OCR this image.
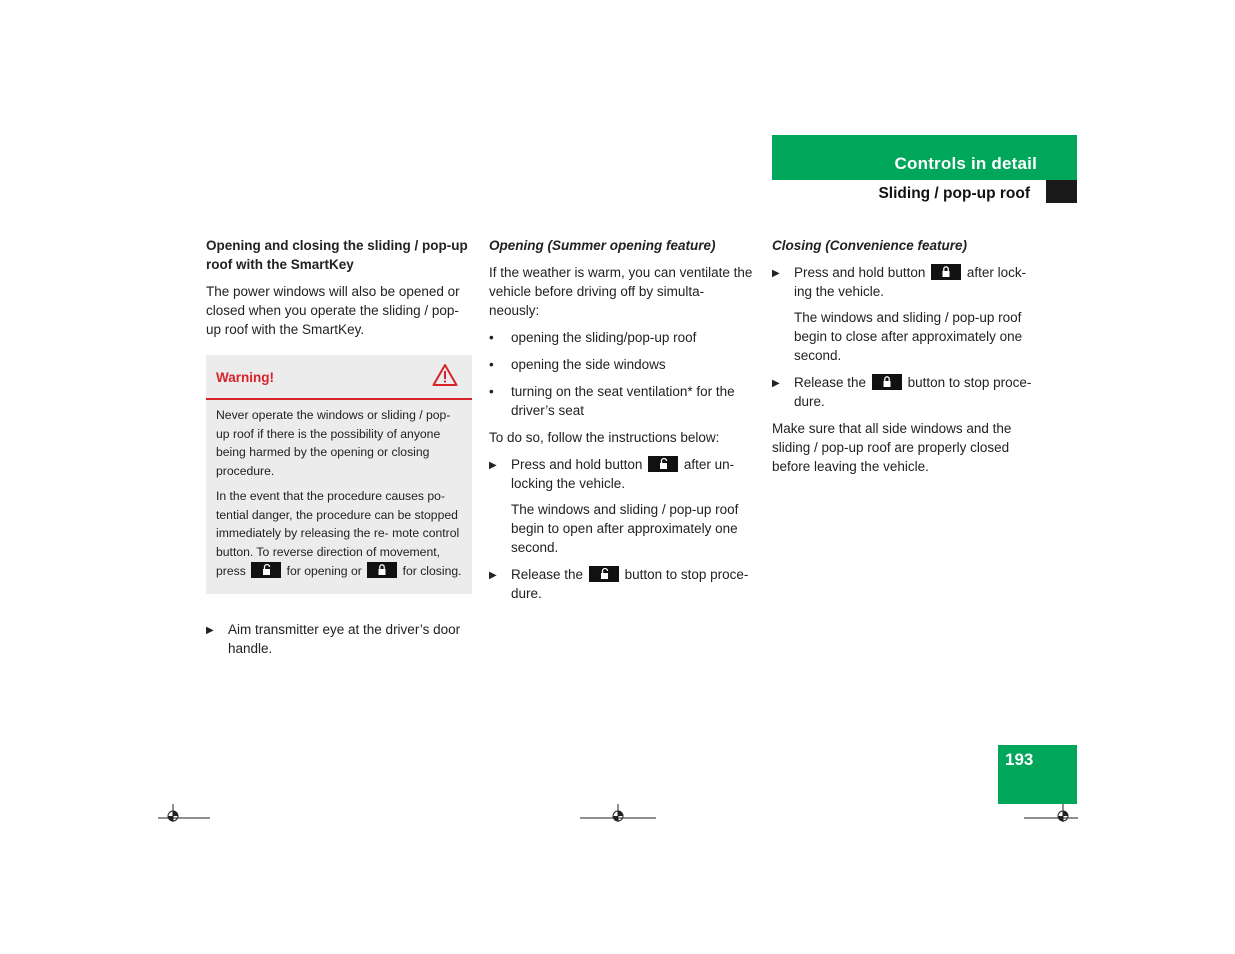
Controls in detail
Sliding / pop-up roof

Opening and closing the sliding / pop-up roof with the SmartKey

The power windows will also be opened or closed when you operate the sliding / pop-up roof with the SmartKey.

Warning!

Never operate the windows or sliding / pop-up roof if there is the possibility of anyone being harmed by the opening or closing procedure.

In the event that the procedure causes po- tential danger, the procedure can be stopped immediately by releasing the re- mote control button. To reverse direction of movement, press	for opening or	for closing.

▶ Aim transmitter eye at the driver’s door handle.

Opening (Summer opening feature)

If the weather is warm, you can ventilate the vehicle before driving off by simulta- neously:

• opening the sliding/pop-up roof
• opening the side windows
• turning on the seat ventilation* for the driver’s seat

To do so, follow the instructions below:

▶ Press and hold button	after un- locking the vehicle.

The windows and sliding / pop-up roof begin to open after approximately one second.

▶ Release the	button to stop proce- dure.

Closing (Convenience feature)

▶ Press and hold button	after lock- ing the vehicle.

The windows and sliding / pop-up roof begin to close after approximately one second.

▶ Release the	button to stop proce- dure.

Make sure that all side windows and the sliding / pop-up roof are properly closed before leaving the vehicle.

193
